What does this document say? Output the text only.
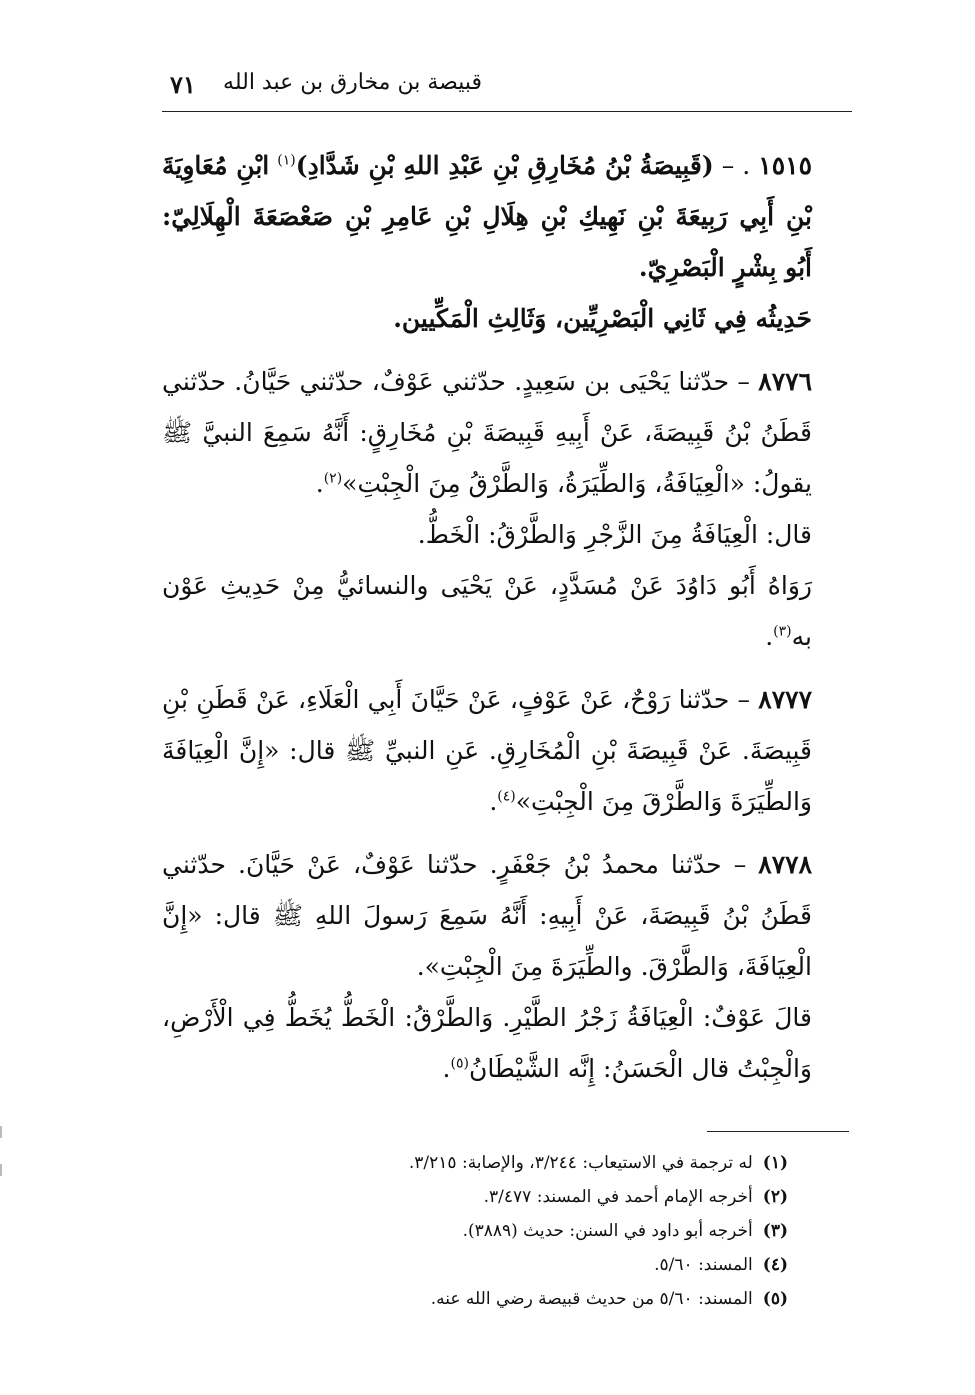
قبيصة بن مخارق بن عبد الله
٧١

١٥١٥ . – (قَبِيصَةُ بْنُ مُخَارِقِ بْنِ عَبْدِ اللهِ بْنِ شَدَّادِ)$^{(١)}$ ابْنِ مُعَاوِيَةَ بْنِ أَبِي رَبِيعَةَ بْنِ نَهِيكِ بْنِ هِلَالِ بْنِ عَامِرِ بْنِ صَعْصَعَةَ الْهِلَالِيّ: أَبُو بِشْرٍ الْبَصْرِيّ.

حَدِيثُه فِي ثَانِي الْبَصْرِيِّين، وَثَالِثِ الْمَكِّيين.

٨٧٧٦ – حدّثنا يَحْيَى بن سَعِيدٍ. حدّثني عَوْفٌ، حدّثني حَيَّانُ. حدّثني قَطَنُ بْنُ قَبِيصَةَ، عَنْ أَبِيهِ قَبِيصَةَ بْنِ مُخَارِقٍ: أَنَّهُ سَمِعَ النبيَّ ﷺ يقولُ: «الْعِيَافَةُ، وَالطِّيَرَةُ، وَالطَّرْقُ مِنَ الْجِبْتِ»$^{(٢)}$.

قال: الْعِيَافَةُ مِنَ الزَّجْرِ وَالطَّرْقُ: الْخَطُّ.

رَوَاهُ أَبُو دَاوُدَ عَنْ مُسَدَّدٍ، عَنْ يَحْيَى والنسائيُّ مِنْ حَدِيثِ عَوْن به$^{(٣)}$.

٨٧٧٧ – حدّثنا رَوْحٌ، عَنْ عَوْفٍ، عَنْ حَيَّانَ أَبِي الْعَلَاءِ، عَنْ قَطَنِ بْنِ قَبِيصَةَ. عَنْ قَبِيصَةَ بْنِ الْمُخَارِقِ. عَنِ النبيِّ ﷺ قال: «إِنَّ الْعِيَافَةَ وَالطِّيَرَةَ وَالطَّرْقَ مِنَ الْجِبْتِ»$^{(٤)}$.

٨٧٧٨ – حدّثنا محمدُ بْنُ جَعْفَرٍ. حدّثنا عَوْفٌ، عَنْ حَيَّانَ. حدّثني قَطَنُ بْنُ قَبِيصَةَ، عَنْ أَبِيهِ: أَنَّهُ سَمِعَ رَسولَ اللهِ ﷺ قال: «إِنَّ الْعِيَافَةَ، وَالطَّرْقَ. والطِّيَرَةَ مِنَ الْجِبْتِ».

قالَ عَوْفٌ: الْعِيَافَةُ زَجْرُ الطَّيْرِ. وَالطَّرْقُ: الْخَطُّ يُخَطُّ فِي الْأَرْضِ، وَالْجِبْتُ قال الْحَسَنُ: إِنَّه الشَّيْطَانُ$^{(٥)}$.

(١)له ترجمة في الاستيعاب: ٣/٢٤٤، والإصابة: ٣/٢١٥.
(٢)أخرجه الإمام أحمد في المسند: ٣/٤٧٧.
(٣)أخرجه أبو داود في السنن: حديث (٣٨٨٩).
(٤)المسند: ٥/٦٠.
(٥)المسند: ٥/٦٠ من حديث قبيصة رضي الله عنه.
